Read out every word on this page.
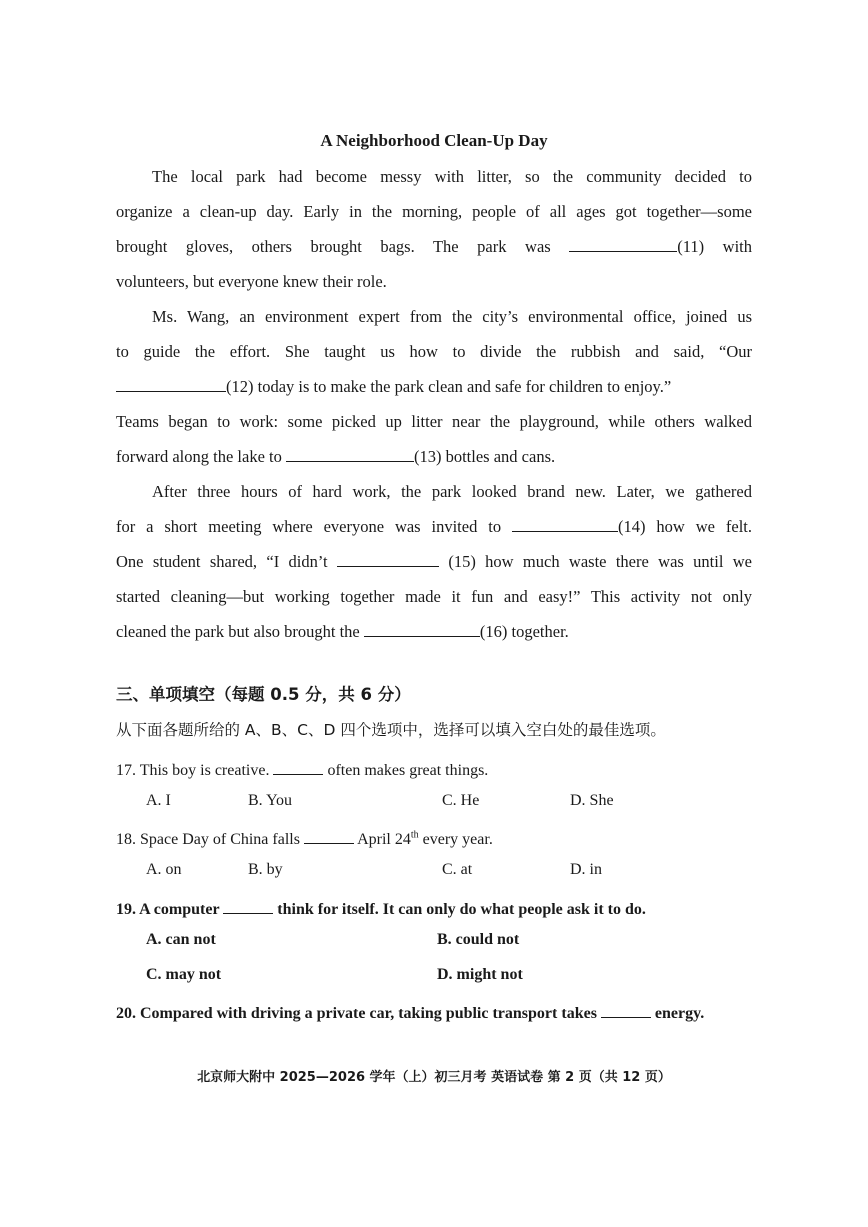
A Neighborhood Clean-Up Day
The local park had become messy with litter, so the community decided to
organize a clean-up day. Early in the morning, people of all ages got together—some
brought gloves, others brought bags. The park was	(11) with
volunteers, but everyone knew their role.
Ms. Wang, an environment expert from the city’s environmental office, joined us
to guide the effort. She taught us how to divide the rubbish and said, “Our
(12) today is to make the park clean and safe for children to enjoy.”
Teams began to work: some picked up litter near the playground, while others walked
forward along the lake to	(13) bottles and cans.
After three hours of hard work, the park looked brand new. Later, we gathered
for a short meeting where everyone was invited to	(14) how we felt.
One student shared, “I didn’t	(15) how much waste there was until we
started cleaning—but working together made it fun and easy!” This activity not only
cleaned the park but also brought the	(16) together.
三、单项填空（每题 0.5 分，共 6 分）
从下面各题所给的 A、B、C、D 四个选项中，选择可以填入空白处的最佳选项。
17. This boy is creative.	often makes great things.
A. I	B. You	C. He	D. She
18. Space Day of China falls	April 24th every year.
A. on	B. by	C. at	D. in
19. A computer	think for itself. It can only do what people ask it to do.
A. can not	B. could not
C. may not	D. might not
20. Compared with driving a private car, taking public transport takes	energy.
北京师大附中 2025—2026 学年（上）初三月考 英语试卷 第 2 页（共 12 页）
